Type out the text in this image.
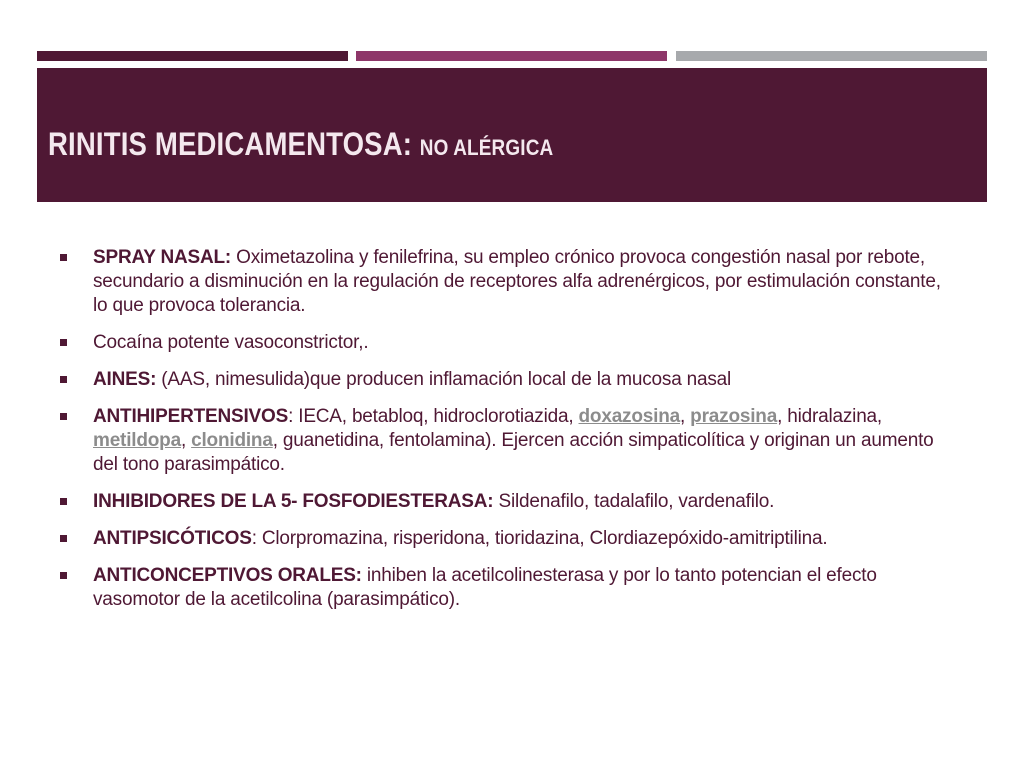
RINITIS MEDICAMENTOSA: NO ALÉRGICA
SPRAY NASAL: Oximetazolina y fenilefrina, su empleo crónico provoca congestión nasal por rebote, secundario a disminución en la regulación de receptores alfa adrenérgicos, por estimulación constante, lo que provoca tolerancia.
Cocaína potente vasoconstrictor,.
AINES: (AAS, nimesulida)que producen inflamación local de la mucosa nasal
ANTIHIPERTENSIVOS: IECA, betabloq, hidroclorotiazida, doxazosina, prazosina, hidralazina, metildopa, clonidina, guanetidina, fentolamina). Ejercen acción simpaticolítica y originan un aumento del tono parasimpático.
INHIBIDORES DE LA 5- FOSFODIESTERASA: Sildenafilo, tadalafilo, vardenafilo.
ANTIPSICÓTICOS: Clorpromazina, risperidona, tioridazina, Clordiazepóxido-amitriptilina.
ANTICONCEPTIVOS ORALES: inhiben la acetilcolinesterasa y por lo tanto potencian el efecto vasomotor de la acetilcolina (parasimpático).
